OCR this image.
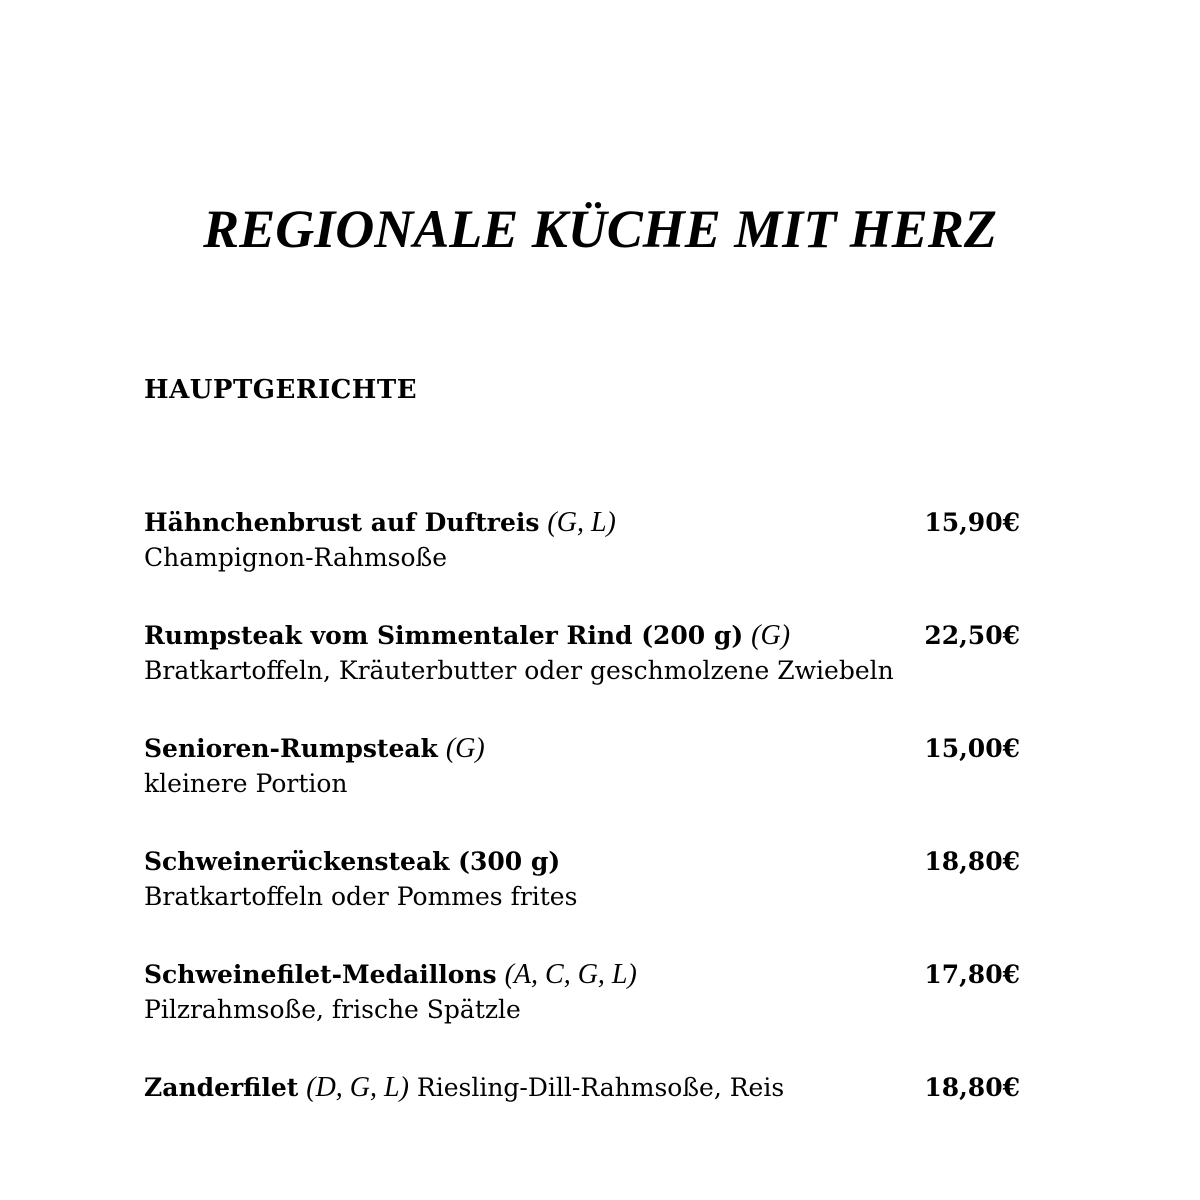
REGIONALE KÜCHE MIT HERZ
HAUPTGERICHTE
Hähnchenbrust auf Duftreis (G, L)	15,90€
Champignon-Rahmsoße
Rumpsteak vom Simmentaler Rind (200 g) (G)	22,50€
Bratkartoffeln, Kräuterbutter oder geschmolzene Zwiebeln
Senioren-Rumpsteak (G)	15,00€
kleinere Portion
Schweinerückensteak (300 g)	18,80€
Bratkartoffeln oder Pommes frites
Schweinefilet-Medaillons (A, C, G, L)	17,80€
Pilzrahmsoße, frische Spätzle
Zanderfilet (D, G, L) Riesling-Dill-Rahmsoße, Reis	18,80€
